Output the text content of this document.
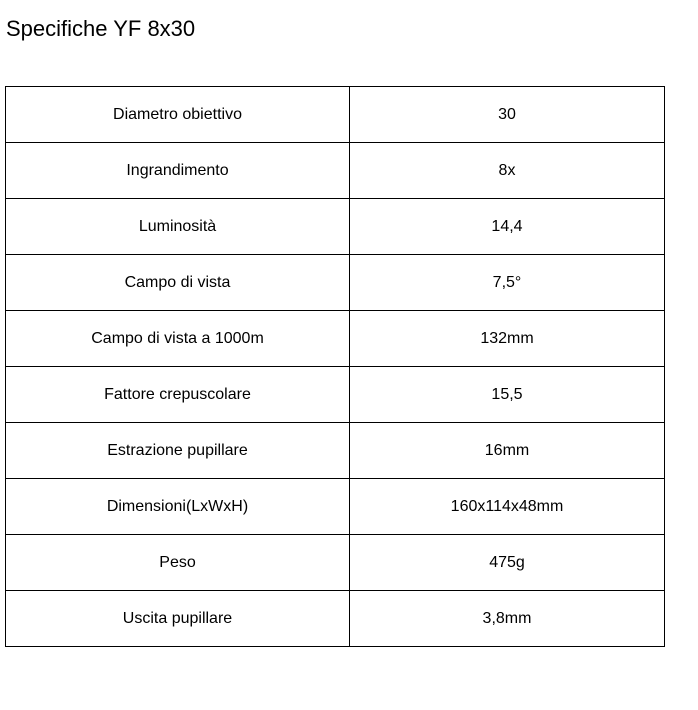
Specifiche YF 8x30
Diametro obiettivo	30
Ingrandimento	8x
Luminosità	14,4
Campo di vista	7,5°
Campo di vista a 1000m	132mm
Fattore crepuscolare	15,5
Estrazione pupillare	16mm
Dimensioni(LxWxH)	160x114x48mm
Peso	475g
Uscita pupillare	3,8mm
